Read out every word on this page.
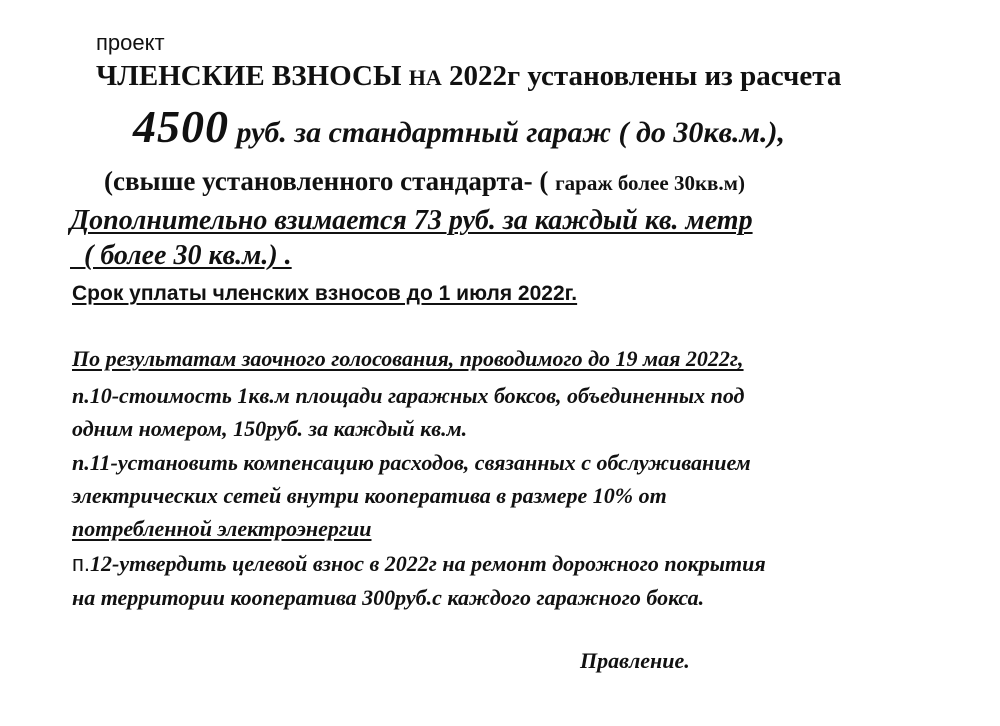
проект
ЧЛЕНСКИЕ ВЗНОСЫ НА 2022г установлены из расчета
4500 руб. за стандартный гараж ( до 30кв.м.),
(свыше установленного стандарта- ( гараж более 30кв.м)
Дополнительно взимается 73 руб. за каждый кв. метр
( более 30 кв.м.) .
Срок уплаты членских взносов до 1 июля 2022г.
По результатам заочного голосования, проводимого до 19 мая 2022г,
п.10-стоимость 1кв.м площади гаражных боксов, объединенных под
одним номером, 150руб. за каждый кв.м.
п.11-установить компенсацию расходов, связанных с обслуживанием
электрических сетей внутри кооператива в размере 10% от
потребленной электроэнергии
п.12-утвердить целевой взнос в 2022г на ремонт дорожного покрытия
на территории кооператива 300руб.с каждого гаражного бокса.
Правление.
